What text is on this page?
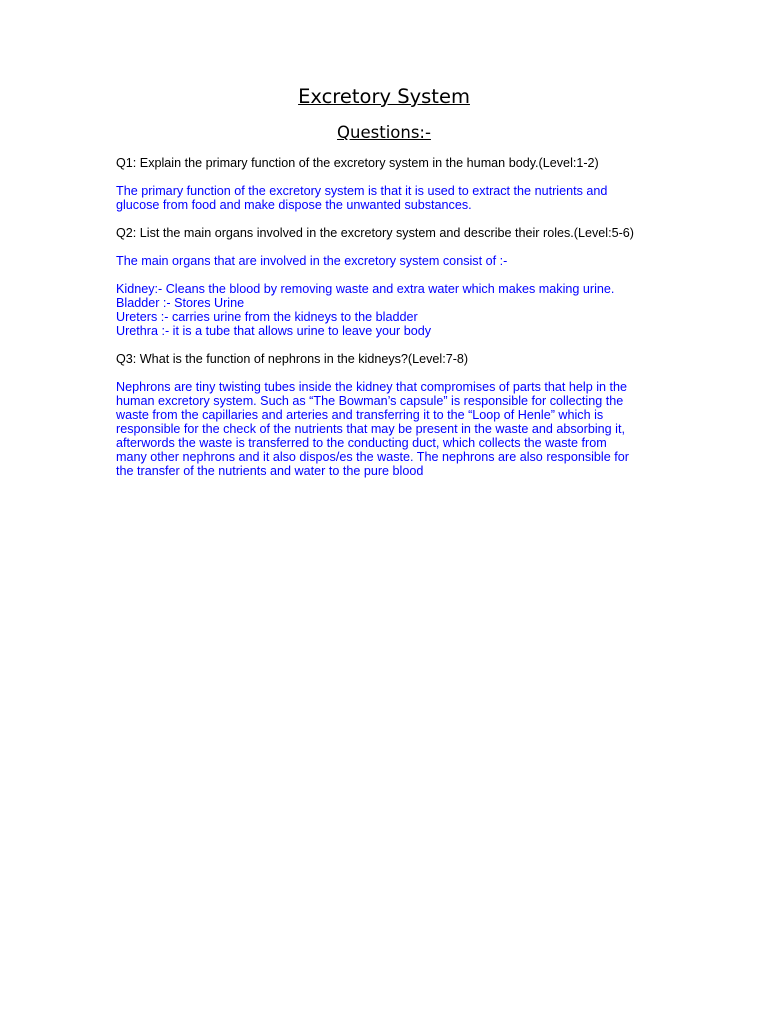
Excretory System
Questions:-

Q1: Explain the primary function of the excretory system in the human body.(Level:1-2)

The primary function of the excretory system is that it is used to extract the nutrients and
glucose from food and make dispose the unwanted substances.

Q2: List the main organs involved in the excretory system and describe their roles.(Level:5-6)

The main organs that are involved in the excretory system consist of :-

Kidney:- Cleans the blood by removing waste and extra water which makes making urine.
Bladder :- Stores Urine
Ureters :- carries urine from the kidneys to the bladder
Urethra :- it is a tube that allows urine to leave your body

Q3: What is the function of nephrons in the kidneys?(Level:7-8)

Nephrons are tiny twisting tubes inside the kidney that compromises of parts that help in the
human excretory system. Such as “The Bowman’s capsule” is responsible for collecting the
waste from the capillaries and arteries and transferring it to the “Loop of Henle” which is
responsible for the check of the nutrients that may be present in the waste and absorbing it,
afterwords the waste is transferred to the conducting duct, which collects the waste from
many other nephrons and it also dispos/es the waste. The nephrons are also responsible for
the transfer of the nutrients and water to the pure blood
